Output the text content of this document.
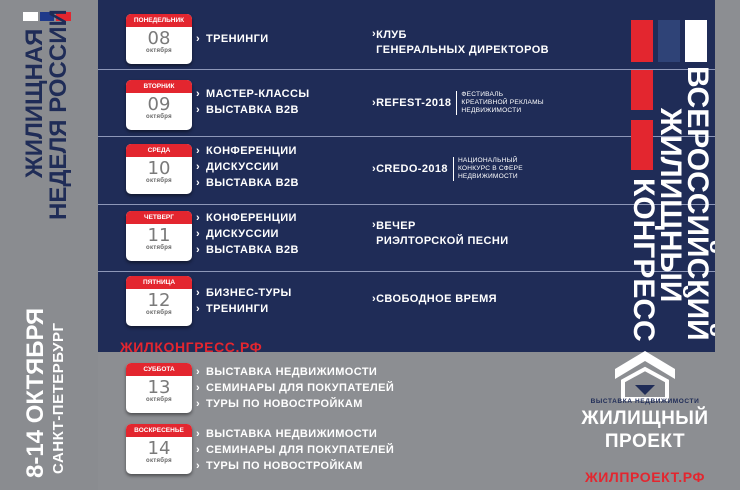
ЖИЛИЩНАЯ
НЕДЕЛЯ РОССИИ
8-14 ОКТЯБРЯ САНКТ-ПЕТЕРБУРГ
ПОНЕДЕЛЬНИК
08
октября
ВТОРНИК
09
октября
СРЕДА
10
октября
ЧЕТВЕРГ
11
октября
ПЯТНИЦА
12
октября
СУББОТА
13
октября
ВОСКРЕСЕНЬЕ
14
октября
› ТРЕНИНГИ
› МАСТЕР-КЛАССЫ
› ВЫСТАВКА B2B
› КОНФЕРЕНЦИИ
› ДИСКУССИИ
› ВЫСТАВКА B2B
› КОНФЕРЕНЦИИ
› ДИСКУССИИ
› ВЫСТАВКА B2B
› БИЗНЕС-ТУРЫ
› ТРЕНИНГИ
› ВЫСТАВКА НЕДВИЖИМОСТИ
› СЕМИНАРЫ ДЛЯ ПОКУПАТЕЛЕЙ
› ТУРЫ ПО НОВОСТРОЙКАМ
› ВЫСТАВКА НЕДВИЖИМОСТИ
› СЕМИНАРЫ ДЛЯ ПОКУПАТЕЛЕЙ
› ТУРЫ ПО НОВОСТРОЙКАМ
›КЛУБ
ГЕНЕРАЛЬНЫХ ДИРЕКТОРОВ
›REFEST-2018ФЕСТИВАЛЬ
КРЕАТИВНОЙ РЕКЛАМЫ
НЕДВИЖИМОСТИ
›CREDO-2018НАЦИОНАЛЬНЫЙ
КОНКУРС В СФЕРЕ
НЕДВИЖИМОСТИ
›ВЕЧЕР
РИЭЛТОРСКОЙ ПЕСНИ
›СВОБОДНОЕ ВРЕМЯ
ЖИЛКОНГРЕСС.РФ
ВСЕРОССИЙСКИЙ
ЖИЛИЩНЫЙ
КОНГРЕСС
ВЫСТАВКА НЕДВИЖИМОСТИ
ЖИЛИЩНЫЙ
ПРОЕКТ
ЖИЛПРОЕКТ.РФ
